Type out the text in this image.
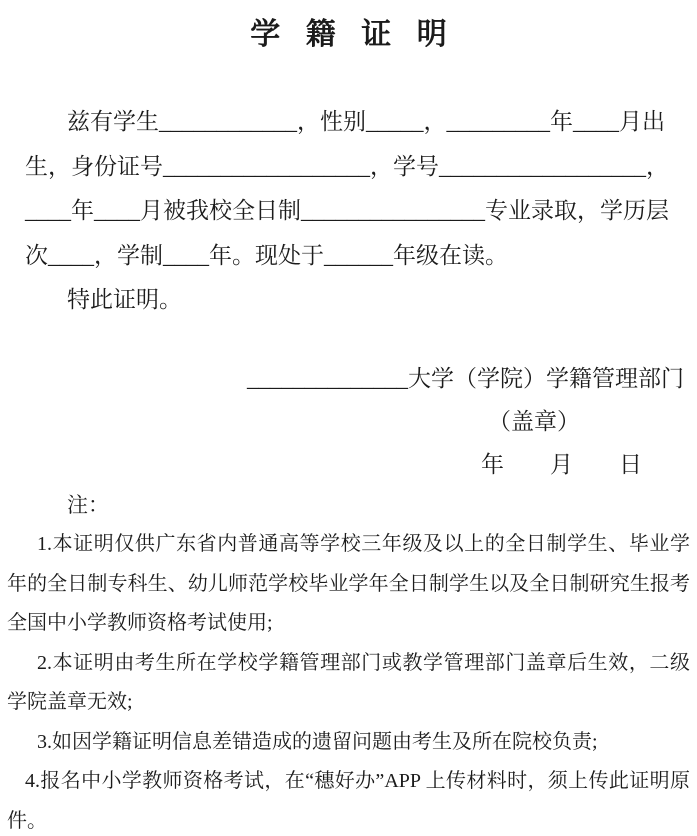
学 籍 证 明
兹有学生____________，性别_____，_________年____月出
生，身份证号__________________，学号__________________，
____年____月被我校全日制________________专业录取，学历层
次____，学制____年。现处于______年级在读。
特此证明。
______________大学（学院）学籍管理部门
（盖章）
年　　月　　日
注：

1.本证明仅供广东省内普通高等学校三年级及以上的全日制学生、毕业学年的全日制专科生、幼儿师范学校毕业学年全日制学生以及全日制研究生报考全国中小学教师资格考试使用;

2.本证明由考生所在学校学籍管理部门或教学管理部门盖章后生效，二级学院盖章无效;

3.如因学籍证明信息差错造成的遗留问题由考生及所在院校负责;

4.报名中小学教师资格考试，在“穗好办”APP 上传材料时，须上传此证明原件。
